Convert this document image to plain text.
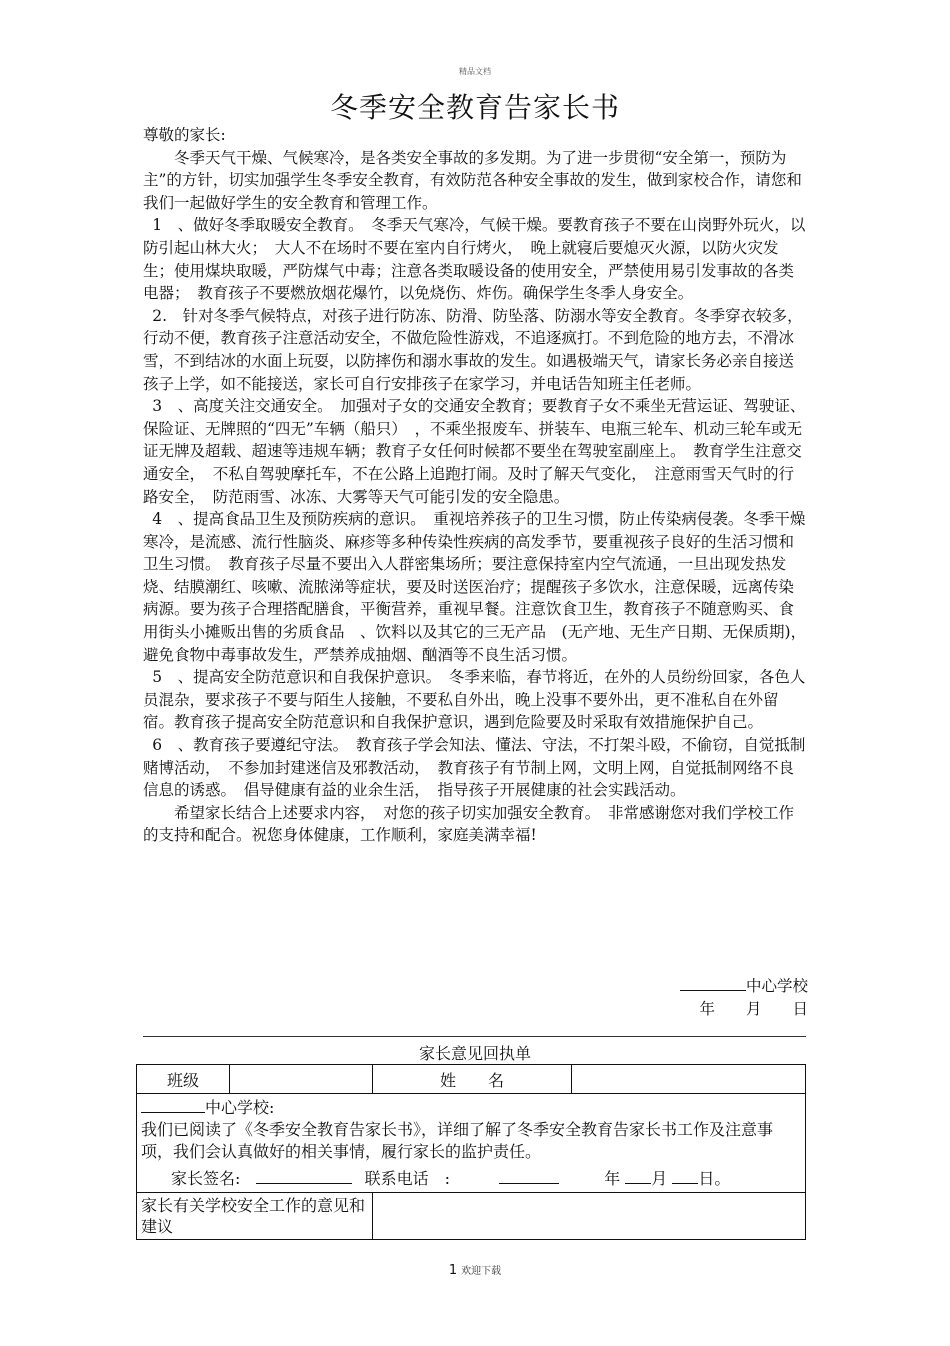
精品文档
冬季安全教育告家长书

尊敬的家长:

冬季天气干燥、气候寒冷，是各类安全事故的多发期。为了进一步贯彻“安全第一，预防为主”的方针，切实加强学生冬季安全教育，有效防范各种安全事故的发生，做到家校合作，请您和我们一起做好学生的安全教育和管理工作。

1　、做好冬季取暖安全教育。　冬季天气寒冷，气候干燥。要教育孩子不要在山岗野外玩火，以防引起山林大火；　大人不在场时不要在室内自行烤火，　晚上就寝后要熄灭火源，以防火灾发生；使用煤块取暖，严防煤气中毒；注意各类取暖设备的使用安全，严禁使用易引发事故的各类电器；　教育孩子不要燃放烟花爆竹，以免烧伤、炸伤。确保学生冬季人身安全。

2.　针对冬季气候特点，对孩子进行防冻、防滑、防坠落、防溺水等安全教育。冬季穿衣较多，行动不便，教育孩子注意活动安全，不做危险性游戏，不追逐疯打。不到危险的地方去，不滑冰雪，不到结冰的水面上玩耍，以防摔伤和溺水事故的发生。如遇极端天气，请家长务必亲自接送孩子上学，如不能接送，家长可自行安排孩子在家学习，并电话告知班主任老师。

3　、高度关注交通安全。　加强对子女的交通安全教育；要教育子女不乘坐无营运证、驾驶证、保险证、无牌照的“四无”车辆（船只）　，不乘坐报废车、拼装车、电瓶三轮车、机动三轮车或无证无牌及超载、超速等违规车辆；教育子女任何时候都不要坐在驾驶室副座上。　教育学生注意交通安全，　不私自驾驶摩托车，不在公路上追跑打闹。及时了解天气变化，　注意雨雪天气时的行路安全，　防范雨雪、冰冻、大雾等天气可能引发的安全隐患。

4　、提高食品卫生及预防疾病的意识。　重视培养孩子的卫生习惯，防止传染病侵袭。冬季干燥寒冷，是流感、流行性脑炎、麻疹等多种传染性疾病的高发季节，要重视孩子良好的生活习惯和卫生习惯。　教育孩子尽量不要出入人群密集场所；要注意保持室内空气流通，一旦出现发热发烧、结膜潮红、咳嗽、流脓涕等症状，要及时送医治疗；提醒孩子多饮水，注意保暖，远离传染病源。要为孩子合理搭配膳食，平衡营养，重视早餐。注意饮食卫生，教育孩子不随意购买、食用街头小摊贩出售的劣质食品　、饮料以及其它的三无产品　(无产地、无生产日期、无保质期)，避免食物中毒事故发生，严禁养成抽烟、酗酒等不良生活习惯。

5　、提高安全防范意识和自我保护意识。　冬季来临，春节将近，在外的人员纷纷回家，各色人员混杂，要求孩子不要与陌生人接触，不要私自外出，晚上没事不要外出，更不准私自在外留宿。教育孩子提高安全防范意识和自我保护意识，遇到危险要及时采取有效措施保护自己。

6　、教育孩子要遵纪守法。　教育孩子学会知法、懂法、守法，不打架斗殴，不偷窃，自觉抵制赌博活动，　不参加封建迷信及邪教活动，　教育孩子有节制上网，文明上网，自觉抵制网络不良信息的诱惑。　倡导健康有益的业余生活，　指导孩子开展健康的社会实践活动。

希望家长结合上述要求内容，　对您的孩子切实加强安全教育。　非常感谢您对我们学校工作的支持和配合。祝您身体健康，工作顺利，家庭美满幸福!

中心学校
年　　月　　日
家长意见回执单
班级		姓　　名	

中心学校:
我们已阅读了《冬季安全教育告家长书》，详细了解了冬季安全教育告家长书工作及注意事项，我们会认真做好的相关事情，履行家长的监护责任。
家长签名: 联系电话　: 年 月 日。			

家长有关学校安全工作的意见和建议			
1 欢迎下载
